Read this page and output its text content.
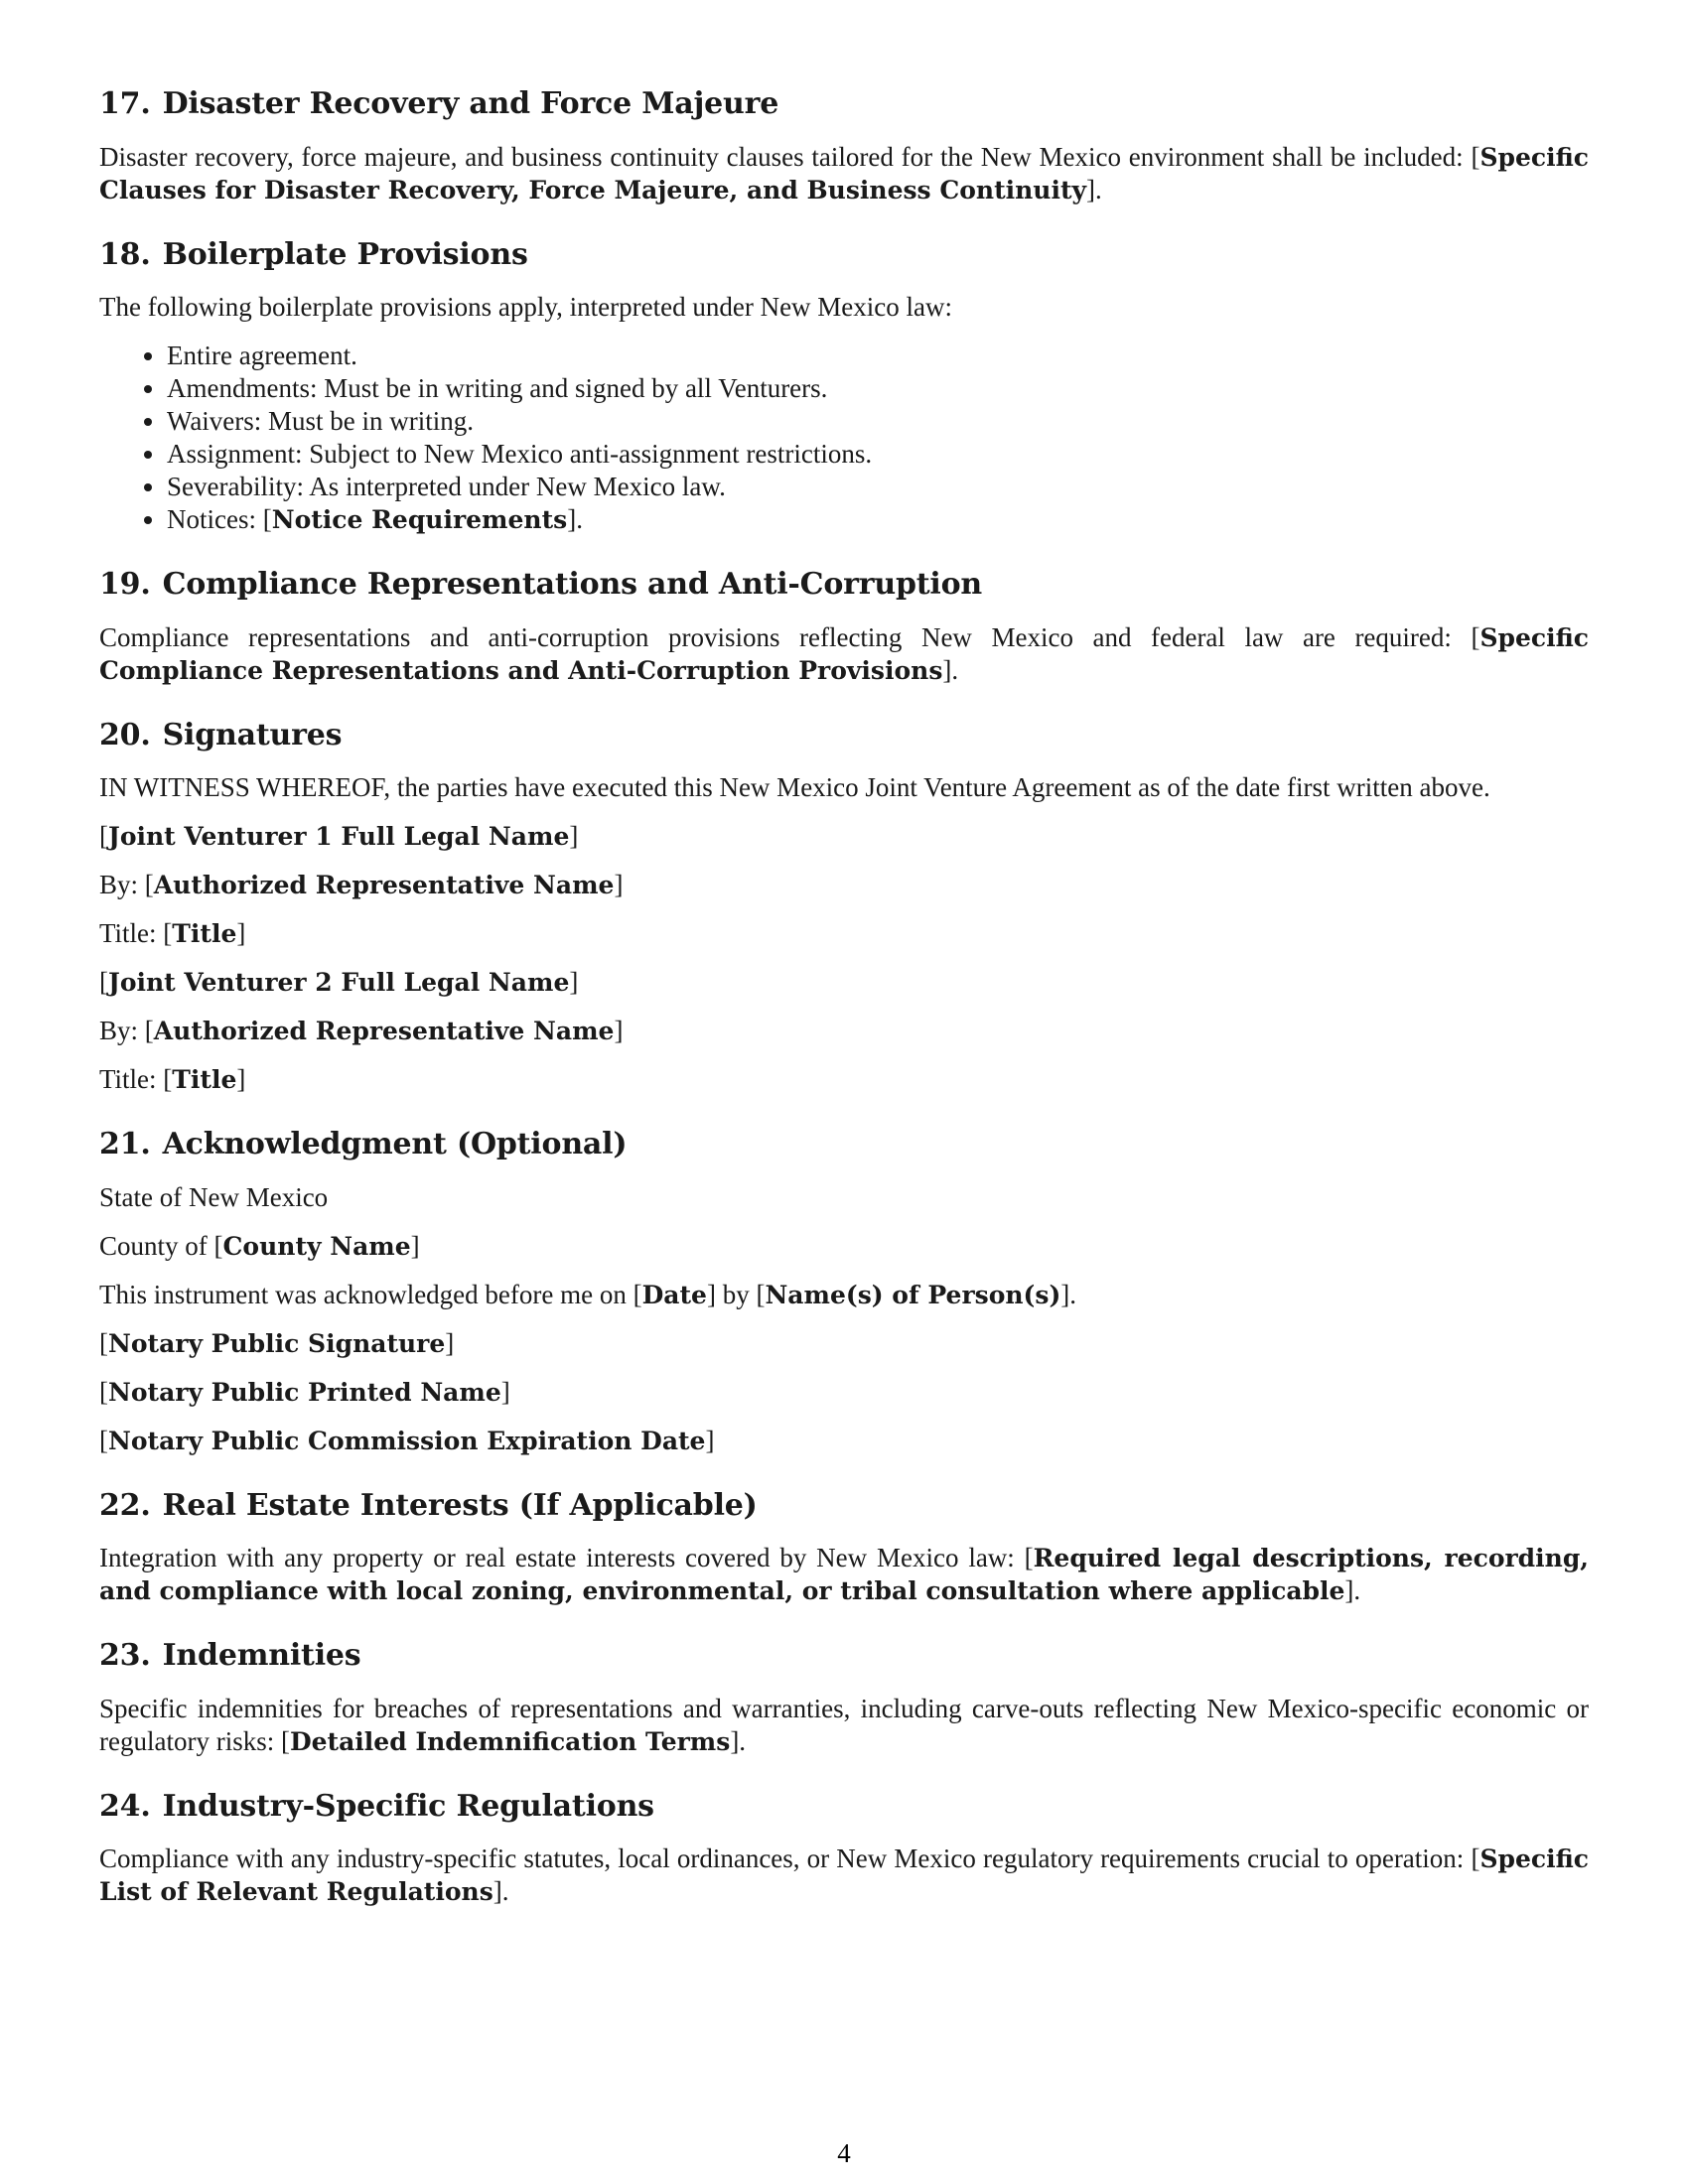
17. Disaster Recovery and Force Majeure

Disaster recovery, force majeure, and business continuity clauses tailored for the New Mexico environment shall be included: [Specific Clauses for Disaster Recovery, Force Majeure, and Business Continuity].

18. Boilerplate Provisions

The following boilerplate provisions apply, interpreted under New Mexico law:

• Entire agreement.
• Amendments: Must be in writing and signed by all Venturers.
• Waivers: Must be in writing.
• Assignment: Subject to New Mexico anti-assignment restrictions.
• Severability: As interpreted under New Mexico law.
• Notices: [Notice Requirements].
19. Compliance Representations and Anti-Corruption

Compliance representations and anti-corruption provisions reflecting New Mexico and federal law are required: [Specific Compliance Representations and Anti-Corruption Provisions].

20. Signatures

IN WITNESS WHEREOF, the parties have executed this New Mexico Joint Venture Agreement as of the date first written above.

[Joint Venturer 1 Full Legal Name]

By: [Authorized Representative Name]

Title: [Title]

[Joint Venturer 2 Full Legal Name]

By: [Authorized Representative Name]

Title: [Title]

21. Acknowledgment (Optional)

State of New Mexico

County of [County Name]

This instrument was acknowledged before me on [Date] by [Name(s) of Person(s)].

[Notary Public Signature]

[Notary Public Printed Name]

[Notary Public Commission Expiration Date]

22. Real Estate Interests (If Applicable)

Integration with any property or real estate interests covered by New Mexico law: [Required legal descriptions, recording, and compliance with local zoning, environmental, or tribal consultation where applicable].

23. Indemnities

Specific indemnities for breaches of representations and warranties, including carve-outs reflecting New Mexico-specific economic or regulatory risks: [Detailed Indemnification Terms].

24. Industry-Specific Regulations

Compliance with any industry-specific statutes, local ordinances, or New Mexico regulatory requirements crucial to operation: [Specific List of Relevant Regulations].

4
